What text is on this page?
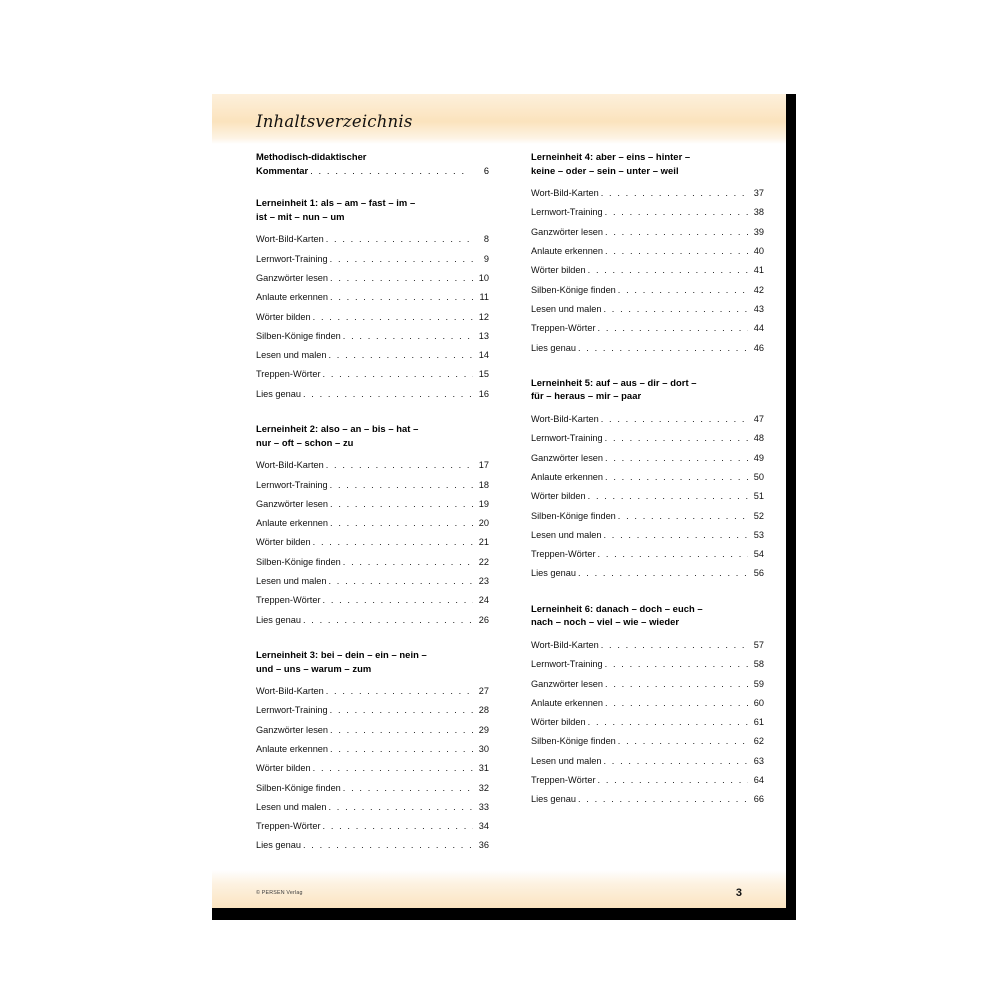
Inhaltsverzeichnis
Methodisch-didaktischer
Kommentar . . .	6
Lerneinheit 1: als – am – fast – im –
ist – mit – nun – um
Wort-Bild-Karten . . .	8
Lernwort-Training . . .	9
Ganzwörter lesen . . .	10
Anlaute erkennen . . .	11
Wörter bilden . . .	12
Silben-Könige finden . . .	13
Lesen und malen . . .	14
Treppen-Wörter . . .	15
Lies genau . . .	16
Lerneinheit 2: also – an – bis – hat –
nur – oft – schon – zu
Wort-Bild-Karten . . .	17
Lernwort-Training . . .	18
Ganzwörter lesen . . .	19
Anlaute erkennen . . .	20
Wörter bilden . . .	21
Silben-Könige finden . . .	22
Lesen und malen . . .	23
Treppen-Wörter . . .	24
Lies genau . . .	26
Lerneinheit 3: bei – dein – ein – nein –
und – uns – warum – zum
Wort-Bild-Karten . . .	27
Lernwort-Training . . .	28
Ganzwörter lesen . . .	29
Anlaute erkennen . . .	30
Wörter bilden . . .	31
Silben-Könige finden . . .	32
Lesen und malen . . .	33
Treppen-Wörter . . .	34
Lies genau . . .	36
Lerneinheit 4: aber – eins – hinter –
keine – oder – sein – unter – weil
Wort-Bild-Karten . . .	37
Lernwort-Training . . .	38
Ganzwörter lesen . . .	39
Anlaute erkennen . . .	40
Wörter bilden . . .	41
Silben-Könige finden . . .	42
Lesen und malen . . .	43
Treppen-Wörter . . .	44
Lies genau . . .	46
Lerneinheit 5: auf – aus – dir – dort –
für – heraus – mir – paar
Wort-Bild-Karten . . .	47
Lernwort-Training . . .	48
Ganzwörter lesen . . .	49
Anlaute erkennen . . .	50
Wörter bilden . . .	51
Silben-Könige finden . . .	52
Lesen und malen . . .	53
Treppen-Wörter . . .	54
Lies genau . . .	56
Lerneinheit 6: danach – doch – euch –
nach – noch – viel – wie – wieder
Wort-Bild-Karten . . .	57
Lernwort-Training . . .	58
Ganzwörter lesen . . .	59
Anlaute erkennen . . .	60
Wörter bilden . . .	61
Silben-Könige finden . . .	62
Lesen und malen . . .	63
Treppen-Wörter . . .	64
Lies genau . . .	66
© PERSEN Verlag	3
